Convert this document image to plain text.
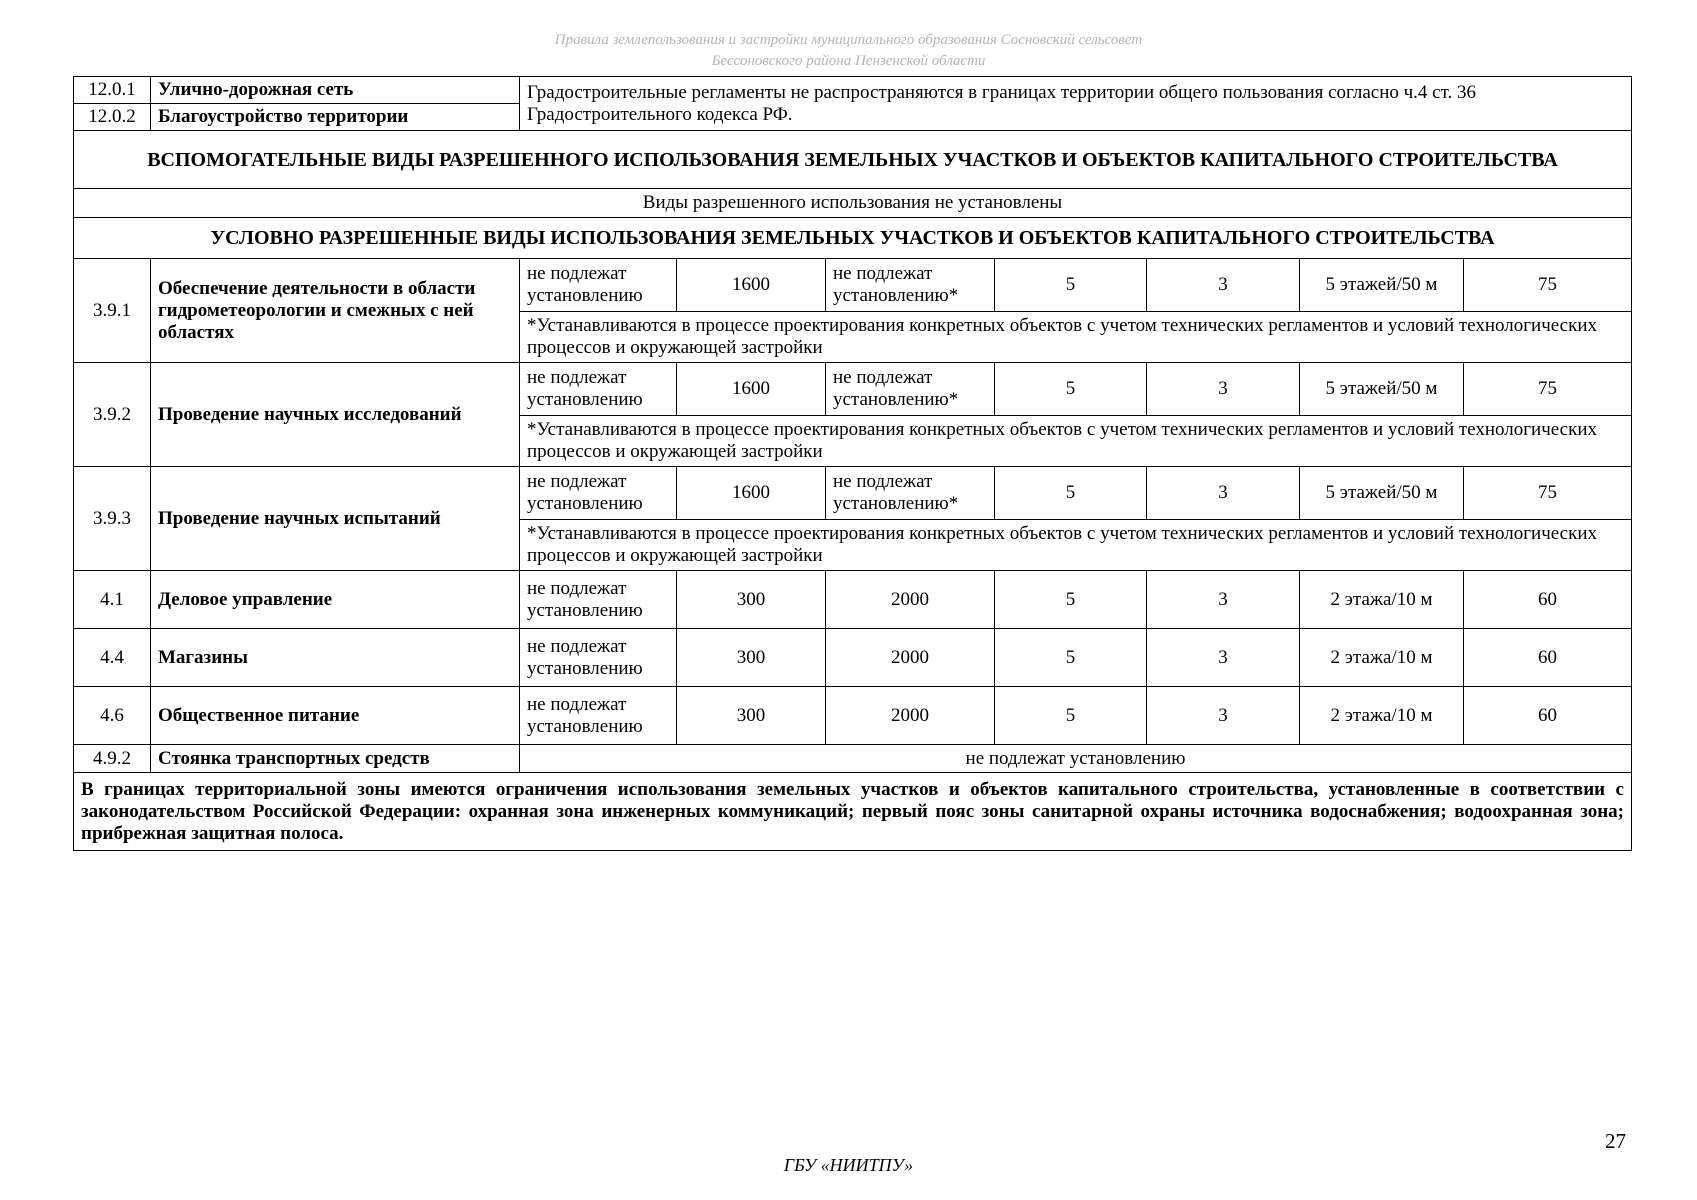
Правила землепользования и застройки муниципального образования Сосновский сельсовет
Бессоновского района Пензенской области
12.0.1	Улично-дорожная сеть	Градостроительные регламенты не распространяются в границах территории общего пользования согласно ч.4 ст. 36 Градостроительного кодекса РФ.						
12.0.2	Благоустройство территории							
ВСПОМОГАТЕЛЬНЫЕ ВИДЫ РАЗРЕШЕННОГО ИСПОЛЬЗОВАНИЯ ЗЕМЕЛЬНЫХ УЧАСТКОВ И ОБЪЕКТОВ КАПИТАЛЬНОГО СТРОИТЕЛЬСТВА								
Виды разрешенного использования не установлены								
УСЛОВНО РАЗРЕШЕННЫЕ ВИДЫ ИСПОЛЬЗОВАНИЯ ЗЕМЕЛЬНЫХ УЧАСТКОВ И ОБЪЕКТОВ КАПИТАЛЬНОГО СТРОИТЕЛЬСТВА								
3.9.1	Обеспечение деятельности в области гидрометеорологии и смежных с ней областях	не подлежат установлению	1600	не подлежат установлению*	5	3	5 этажей/50 м	75
		*Устанавливаются в процессе проектирования конкретных объектов с учетом технических регламентов и условий технологических процессов и окружающей застройки						
3.9.2	Проведение научных исследований	не подлежат установлению	1600	не подлежат установлению*	5	3	5 этажей/50 м	75
		*Устанавливаются в процессе проектирования конкретных объектов с учетом технических регламентов и условий технологических процессов и окружающей застройки						
3.9.3	Проведение научных испытаний	не подлежат установлению	1600	не подлежат установлению*	5	3	5 этажей/50 м	75
		*Устанавливаются в процессе проектирования конкретных объектов с учетом технических регламентов и условий технологических процессов и окружающей застройки						
4.1	Деловое управление	не подлежат установлению	300	2000	5	3	2 этажа/10 м	60
4.4	Магазины	не подлежат установлению	300	2000	5	3	2 этажа/10 м	60
4.6	Общественное питание	не подлежат установлению	300	2000	5	3	2 этажа/10 м	60
4.9.2	Стоянка транспортных средств	не подлежат установлению						
В границах территориальной зоны имеются ограничения использования земельных участков и объектов капитального строительства, установленные в соответствии с законодательством Российской Федерации: охранная зона инженерных коммуникаций; первый пояс зоны санитарной охраны источника водоснабжения; водоохранная зона; прибрежная защитная полоса.								
27
ГБУ «НИИТПУ»
